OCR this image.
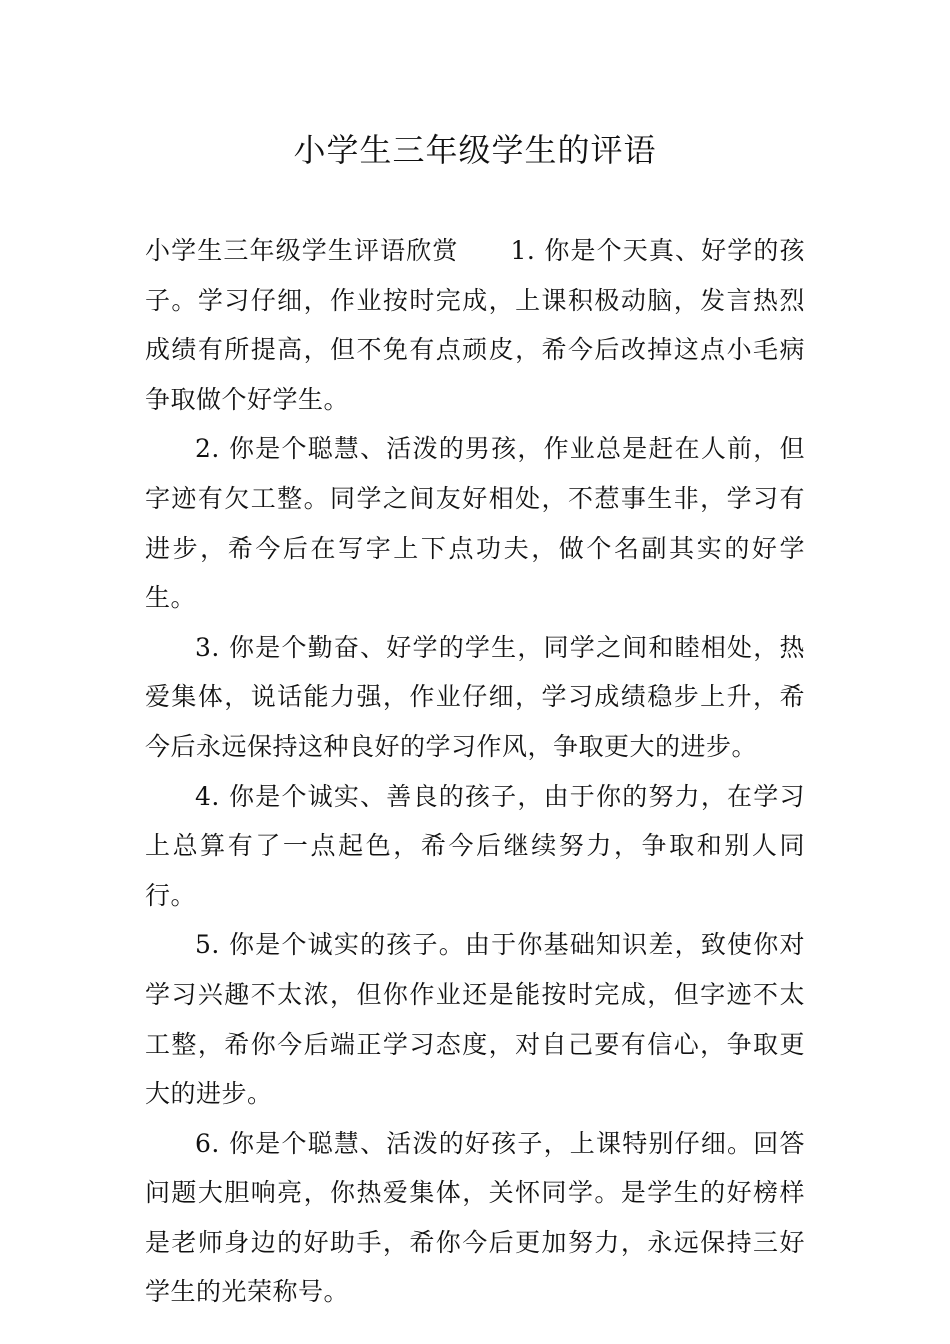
小学生三年级学生的评语

小学生三年级学生评语欣赏 1. 你是个天真、好学的孩子。学习仔细，作业按时完成，上课积极动脑，发言热烈成绩有所提高，但不免有点顽皮，希今后改掉这点小毛病争取做个好学生。

2. 你是个聪慧、活泼的男孩，作业总是赶在人前，但字迹有欠工整。同学之间友好相处，不惹事生非，学习有进步，希今后在写字上下点功夫，做个名副其实的好学生。

3. 你是个勤奋、好学的学生，同学之间和睦相处，热爱集体，说话能力强，作业仔细，学习成绩稳步上升，希今后永远保持这种良好的学习作风，争取更大的进步。

4. 你是个诚实、善良的孩子，由于你的努力，在学习上总算有了一点起色，希今后继续努力，争取和别人同行。

5. 你是个诚实的孩子。由于你基础知识差，致使你对学习兴趣不太浓，但你作业还是能按时完成，但字迹不太工整，希你今后端正学习态度，对自己要有信心，争取更大的进步。

6. 你是个聪慧、活泼的好孩子，上课特别仔细。回答问题大胆响亮，你热爱集体，关怀同学。是学生的好榜样是老师身边的好助手，希你今后更加努力，永远保持三好学生的光荣称号。
